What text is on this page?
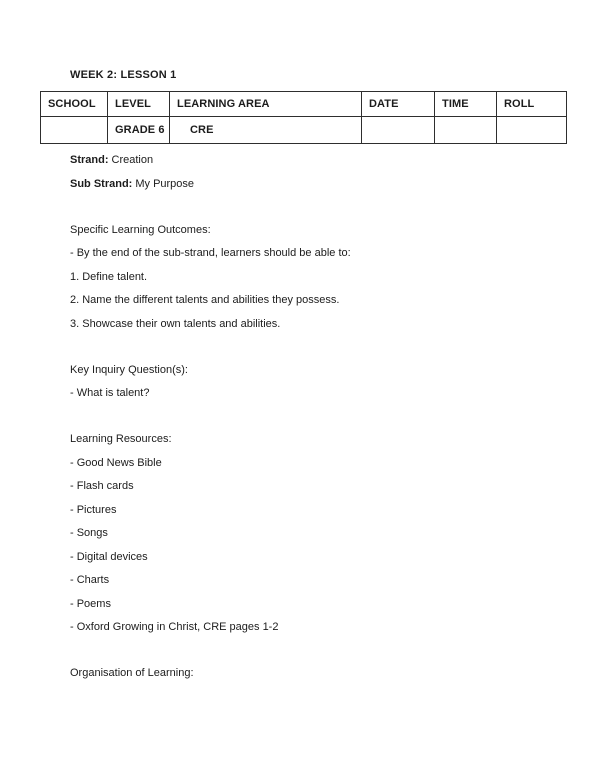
WEEK 2: LESSON 1
SCHOOL	LEVEL	LEARNING AREA	DATE	TIME	ROLL
	GRADE 6	CRE			

Strand: Creation

Sub Strand: My Purpose

Specific Learning Outcomes:

- By the end of the sub-strand, learners should be able to:

1. Define talent.

2. Name the different talents and abilities they possess.

3. Showcase their own talents and abilities.

Key Inquiry Question(s):

- What is talent?

Learning Resources:

- Good News Bible

- Flash cards

- Pictures

- Songs

- Digital devices

- Charts

- Poems

- Oxford Growing in Christ, CRE pages 1-2

Organisation of Learning:
